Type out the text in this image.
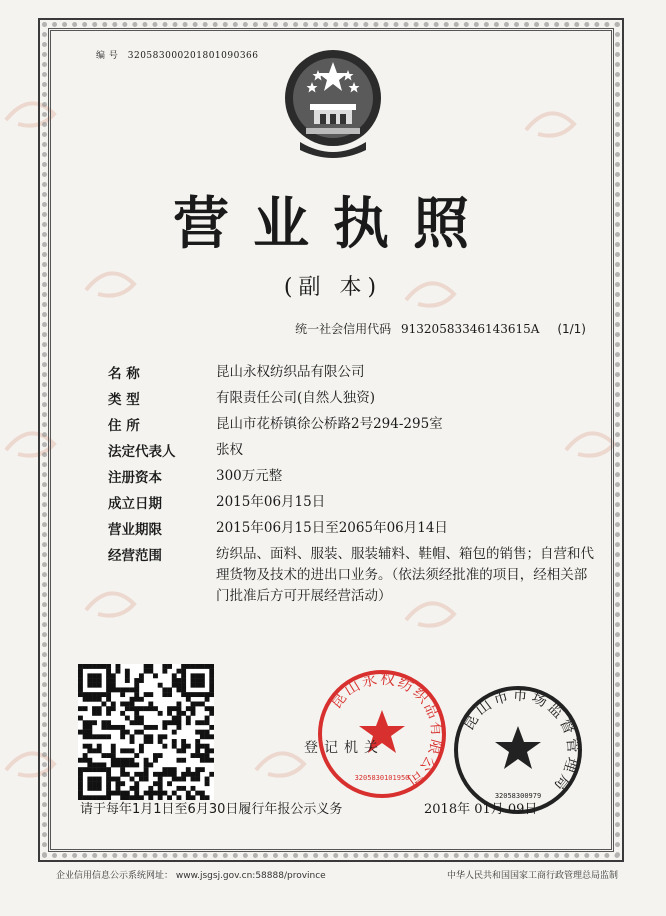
编 号 320583000201801090366
营业执照
(副 本)
统一社会信用代码 91320583346143615A (1/1)
名 称	昆山永权纺织品有限公司
类 型	有限责任公司(自然人独资)
住 所	昆山市花桥镇徐公桥路2号294-295室
法定代表人	张权
注册资本	300万元整
成立日期	2015年06月15日
营业期限	2015年06月15日至2065年06月14日
经营范围	纺织品、面料、服装、服装辅料、鞋帽、箱包的销售；自营和代理货物及技术的进出口业务。（依法须经批准的项目，经相关部门批准后方可开展经营活动）
昆山永权纺织品有限公司
3205830101950
昆山市市场监督管理局
32058300979
登记机关
请于每年1月1日至6月30日履行年报公示义务	2018年 01月 09日
企业信用信息公示系统网址： www.jsgsj.gov.cn:58888/province	中华人民共和国国家工商行政管理总局监制
